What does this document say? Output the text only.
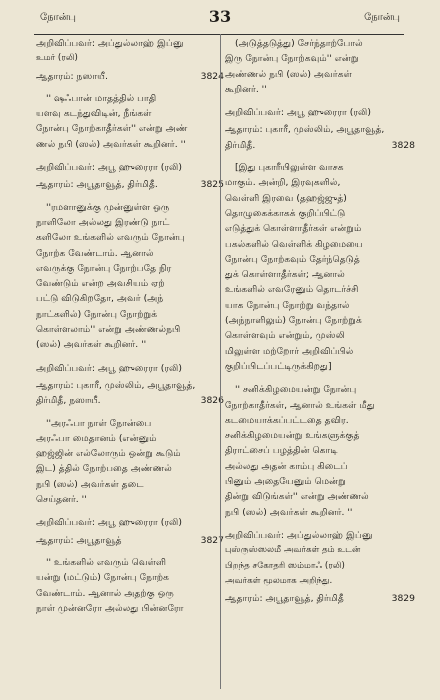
நோன்பு	33	நோன்பு

அறிவிப்பவர்: அப்துல்லாஹ் இப்னு

உமர் (ரலி)

ஆதாரம்: நஸாயீ.	3824

'' ஷஃபான் மாதத்தில் பாதி

யளவு கடந்துவிடின், நீங்கள்

நோன்பு நோற்காதீர்கள்'' என்று அண்

ணல் நபி (ஸல்) அவர்கள் கூறினர். ''

அறிவிப்பவர்: அபூ ஹுரைரா (ரலி)

ஆதாரம்: அபூதாவூத், திர்மிதீ.	3825

''ரமளானுக்கு முன்னுள்ள ஒரு

நாளிலோ அல்லது இரண்டு நாட்

களிலோ உங்களில் எவரும் நோன்பு

நோற்க வேண்டாம். ஆனால்

எவருக்கு நோன்பு நோற்பதே நிர

வேண்டும் என்ற அவசியம் ஏற்

பட்டு விடுகிறதோ, அவர் (அந்

நாட்களில்) நோன்பு நோற்றுக்

கொள்ளலாம்'' என்று அண்ணல்நபி

(ஸல்) அவர்கள் கூறினர். ''

அறிவிப்பவர்: அபூ ஹுரைரா (ரலி)

ஆதாரம்: புகாரீ, முஸ்லிம், அபூதாவூத்,

திர்மிதீ, நஸாயீ.	3826

''அரஃபா நாள் நோன்பை

அரஃபா மைதானம் (என்னும்

ஹஜ்ஜின் எல்லோரும் ஒன்று கூடும்

இட) த்தில் நோற்பதை அண்ணல்

நபி (ஸல்) அவர்கள் தடை

செய்தனர். ''

அறிவிப்பவர்: அபூ ஹுரைரா (ரலி)

ஆதாரம்: அபூதாவூத்	3827

'' உங்களில் எவரும் வெள்ளி

யன்று (மட்டும்) நோன்பு நோற்க

வேண்டாம். ஆனால் அதற்கு ஒரு

நாள் முன்னரோ அல்லது பின்னரோ

(அடுத்தடுத்து) சேர்ந்தாற்போல்

இரு நோன்பு நோற்கவும்'' என்று

அண்ணல் நபி (ஸல்) அவர்கள்

கூறினர். ''

அறிவிப்பவர்: அபூ ஹுரைரா (ரலி)

ஆதாரம்: புகாரீ, முஸ்லிம், அபூதாவூத்,

திர்மிதீ.	3828

[இது புகாரீயிலுள்ள வாசக

மாகும். அன்றி, இரவுகளில்,

வெள்ளி இரவை (தஹஜ்ஜுத்)

தொழுகைக்காகக் குறிப்பிட்டு

எடுத்துக் கொள்ளாதீர்கள் என்றும்

பகல்களில் வெள்ளிக் கிழமையை

நோன்பு நோற்கவும் தேர்ந்தெடுத்

துக் கொள்ளாதீர்கள்; ஆனால்

உங்களில் எவரேனும் தொடர்ச்சி

யாக நோன்பு நோற்று வந்தால்

(அந்நாளிலும்) நோன்பு நோற்றுக்

கொள்ளவும் என்றும், முஸ்லி

மிலுள்ள மற்றோர் அறிவிப்பில்

குறிப்பிடப்பட்டிருக்கிறது]

'' சனிக்கிழமையன்று நோன்பு

நோற்காதீர்கள், ஆனால் உங்கள் மீது

கடமையாக்கப்பட்டதை தவிர.

சனிக்கிழமையன்று உங்களுக்குத்

திராட்சைப் பழத்தின் கொடி

அல்லது அதன் காம்பு கிடைப்

பினும் அதையேனும் மென்று

தின்று விடுங்கள்'' என்று அண்ணல்

நபி (ஸல்) அவர்கள் கூறினர். ''

அறிவிப்பவர்: அப்துல்லாஹ் இப்னு

புஸ்ருஸ்ஸலமீ அவர்கள் தம் உடன்

பிறந்த சகோதரி ஸம்மாஃ (ரலி)

அவர்கள் மூலமாக அறிந்து.

ஆதாரம்: அபூதாவூத், திர்மிதீ	3829
